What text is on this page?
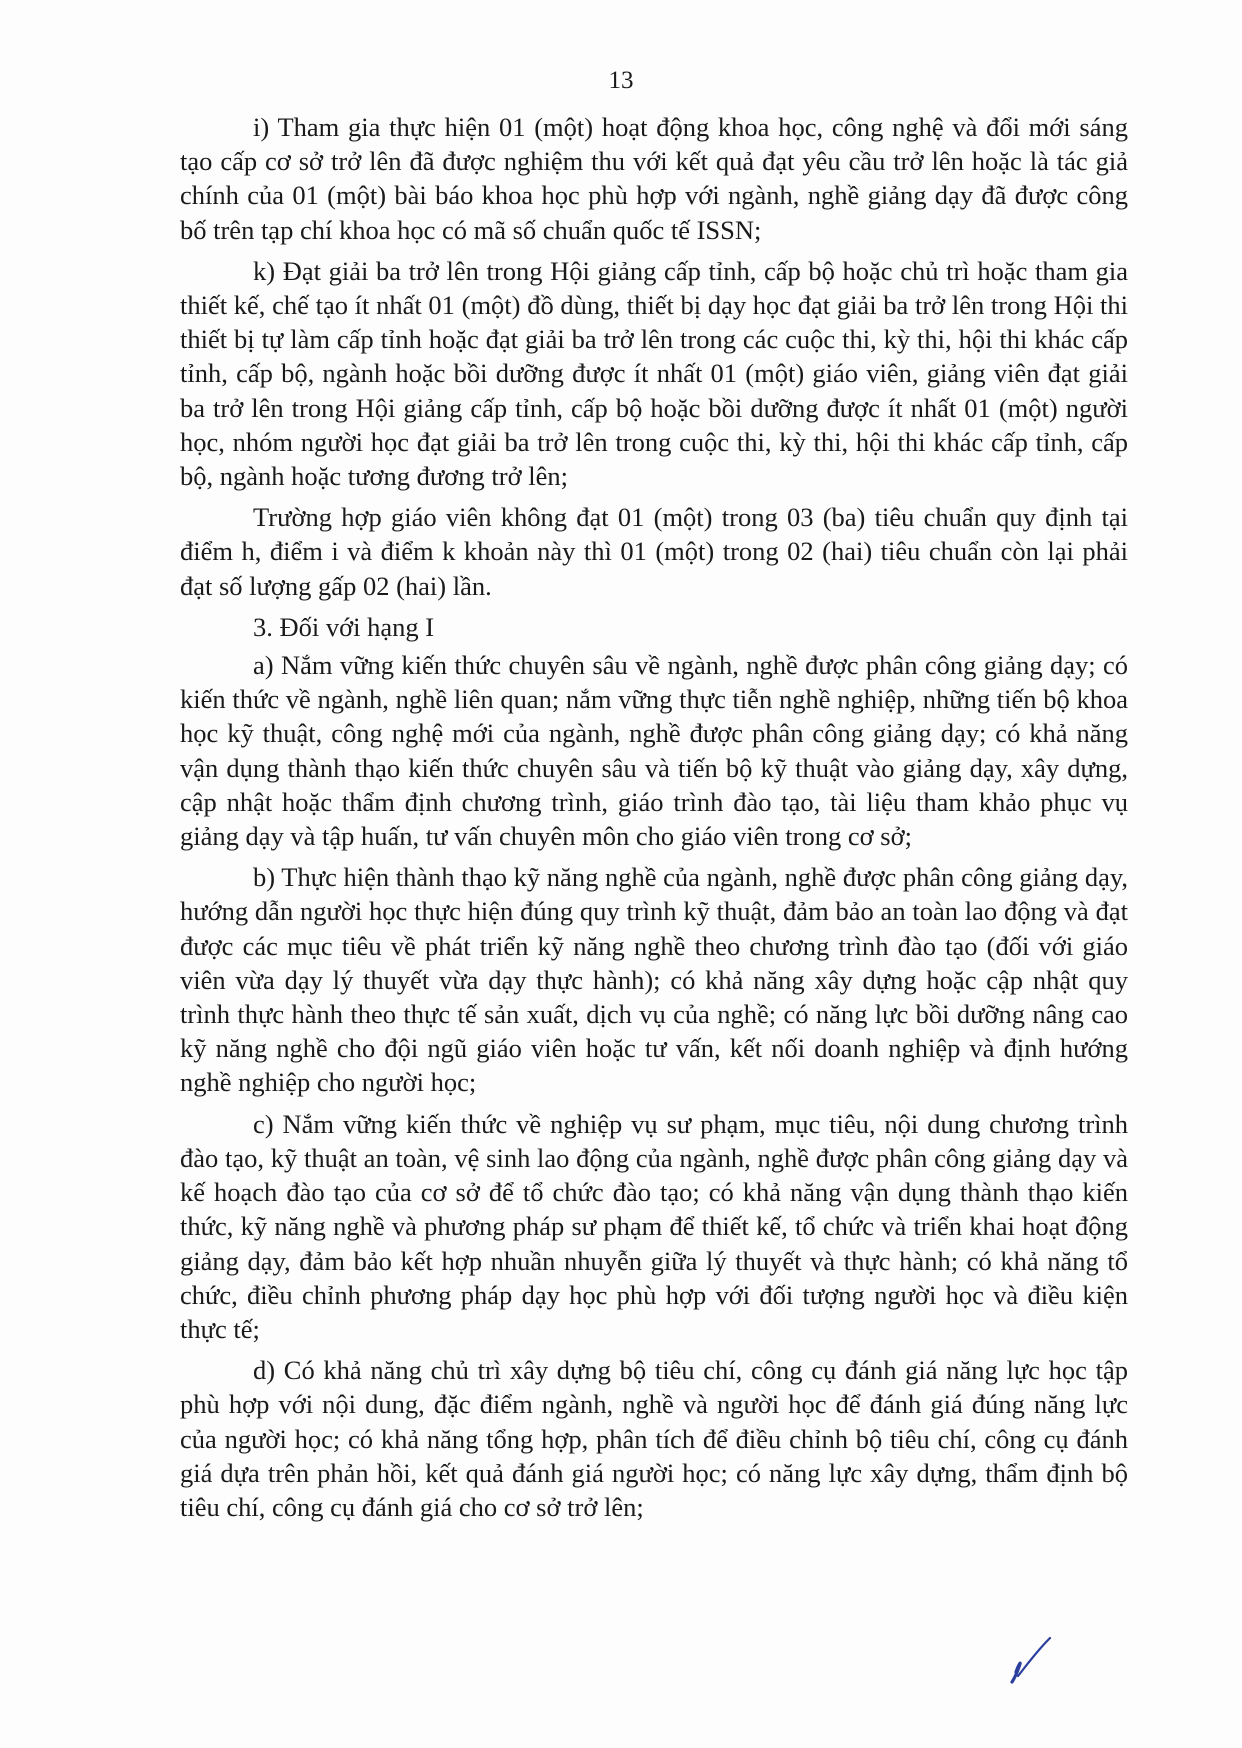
13

i) Tham gia thực hiện 01 (một) hoạt động khoa học, công nghệ và đổi mới sáng tạo cấp cơ sở trở lên đã được nghiệm thu với kết quả đạt yêu cầu trở lên hoặc là tác giả chính của 01 (một) bài báo khoa học phù hợp với ngành, nghề giảng dạy đã được công bố trên tạp chí khoa học có mã số chuẩn quốc tế ISSN;

k) Đạt giải ba trở lên trong Hội giảng cấp tỉnh, cấp bộ hoặc chủ trì hoặc tham gia thiết kế, chế tạo ít nhất 01 (một) đồ dùng, thiết bị dạy học đạt giải ba trở lên trong Hội thi thiết bị tự làm cấp tỉnh hoặc đạt giải ba trở lên trong các cuộc thi, kỳ thi, hội thi khác cấp tỉnh, cấp bộ, ngành hoặc bồi dưỡng được ít nhất 01 (một) giáo viên, giảng viên đạt giải ba trở lên trong Hội giảng cấp tỉnh, cấp bộ hoặc bồi dưỡng được ít nhất 01 (một) người học, nhóm người học đạt giải ba trở lên trong cuộc thi, kỳ thi, hội thi khác cấp tỉnh, cấp bộ, ngành hoặc tương đương trở lên;

Trường hợp giáo viên không đạt 01 (một) trong 03 (ba) tiêu chuẩn quy định tại điểm h, điểm i và điểm k khoản này thì 01 (một) trong 02 (hai) tiêu chuẩn còn lại phải đạt số lượng gấp 02 (hai) lần.

3. Đối với hạng I

a) Nắm vững kiến thức chuyên sâu về ngành, nghề được phân công giảng dạy; có kiến thức về ngành, nghề liên quan; nắm vững thực tiễn nghề nghiệp, những tiến bộ khoa học kỹ thuật, công nghệ mới của ngành, nghề được phân công giảng dạy; có khả năng vận dụng thành thạo kiến thức chuyên sâu và tiến bộ kỹ thuật vào giảng dạy, xây dựng, cập nhật hoặc thẩm định chương trình, giáo trình đào tạo, tài liệu tham khảo phục vụ giảng dạy và tập huấn, tư vấn chuyên môn cho giáo viên trong cơ sở;

b) Thực hiện thành thạo kỹ năng nghề của ngành, nghề được phân công giảng dạy, hướng dẫn người học thực hiện đúng quy trình kỹ thuật, đảm bảo an toàn lao động và đạt được các mục tiêu về phát triển kỹ năng nghề theo chương trình đào tạo (đối với giáo viên vừa dạy lý thuyết vừa dạy thực hành); có khả năng xây dựng hoặc cập nhật quy trình thực hành theo thực tế sản xuất, dịch vụ của nghề; có năng lực bồi dưỡng nâng cao kỹ năng nghề cho đội ngũ giáo viên hoặc tư vấn, kết nối doanh nghiệp và định hướng nghề nghiệp cho người học;

c) Nắm vững kiến thức về nghiệp vụ sư phạm, mục tiêu, nội dung chương trình đào tạo, kỹ thuật an toàn, vệ sinh lao động của ngành, nghề được phân công giảng dạy và kế hoạch đào tạo của cơ sở để tổ chức đào tạo; có khả năng vận dụng thành thạo kiến thức, kỹ năng nghề và phương pháp sư phạm để thiết kế, tổ chức và triển khai hoạt động giảng dạy, đảm bảo kết hợp nhuần nhuyễn giữa lý thuyết và thực hành; có khả năng tổ chức, điều chỉnh phương pháp dạy học phù hợp với đối tượng người học và điều kiện thực tế;

d) Có khả năng chủ trì xây dựng bộ tiêu chí, công cụ đánh giá năng lực học tập phù hợp với nội dung, đặc điểm ngành, nghề và người học để đánh giá đúng năng lực của người học; có khả năng tổng hợp, phân tích để điều chỉnh bộ tiêu chí, công cụ đánh giá dựa trên phản hồi, kết quả đánh giá người học; có năng lực xây dựng, thẩm định bộ tiêu chí, công cụ đánh giá cho cơ sở trở lên;
